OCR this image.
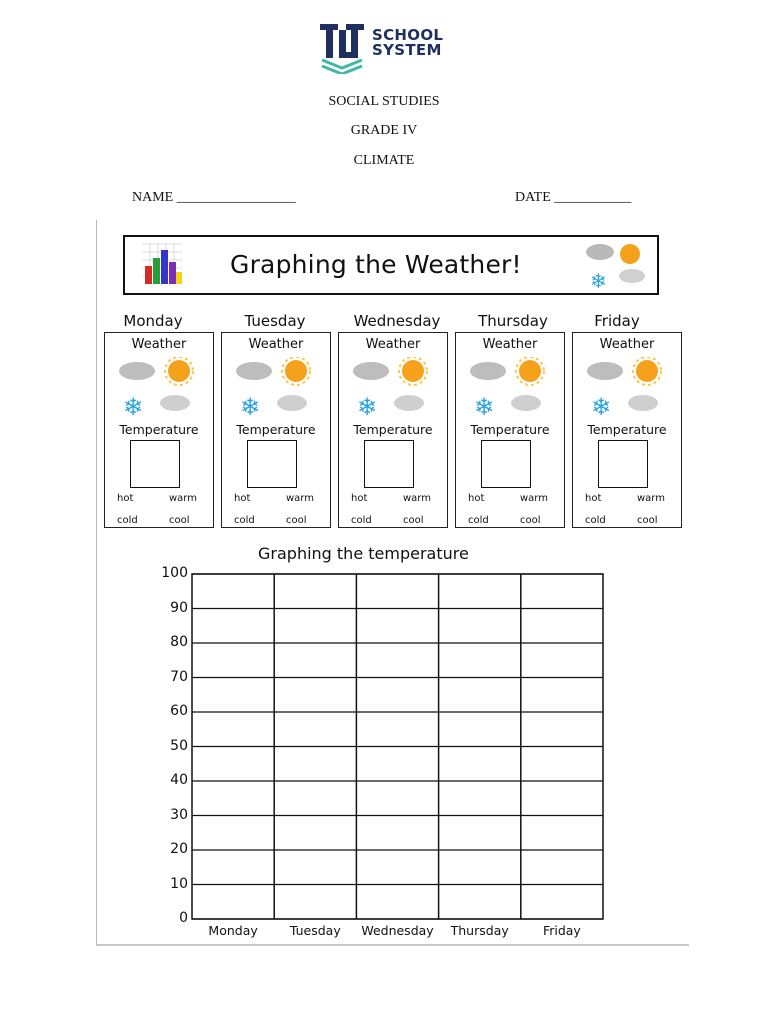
SCHOOL
SYSTEM
SOCIAL STUDIES
GRADE IV
CLIMATE
NAME _________________	DATE ___________
Graphing the Weather!
❄
Monday
Weather
❄
Temperature
hot	warm
cold	cool
Tuesday
Weather
❄
Temperature
hot	warm
cold	cool
Wednesday
Weather
❄
Temperature
hot	warm
cold	cool
Thursday
Weather
❄
Temperature
hot	warm
cold	cool
Friday
Weather
❄
Temperature
hot	warm
cold	cool
Graphing the temperature
100
90
80
70
60
50
40
30
20
10
0
Monday	Tuesday	Wednesday	Thursday	Friday
